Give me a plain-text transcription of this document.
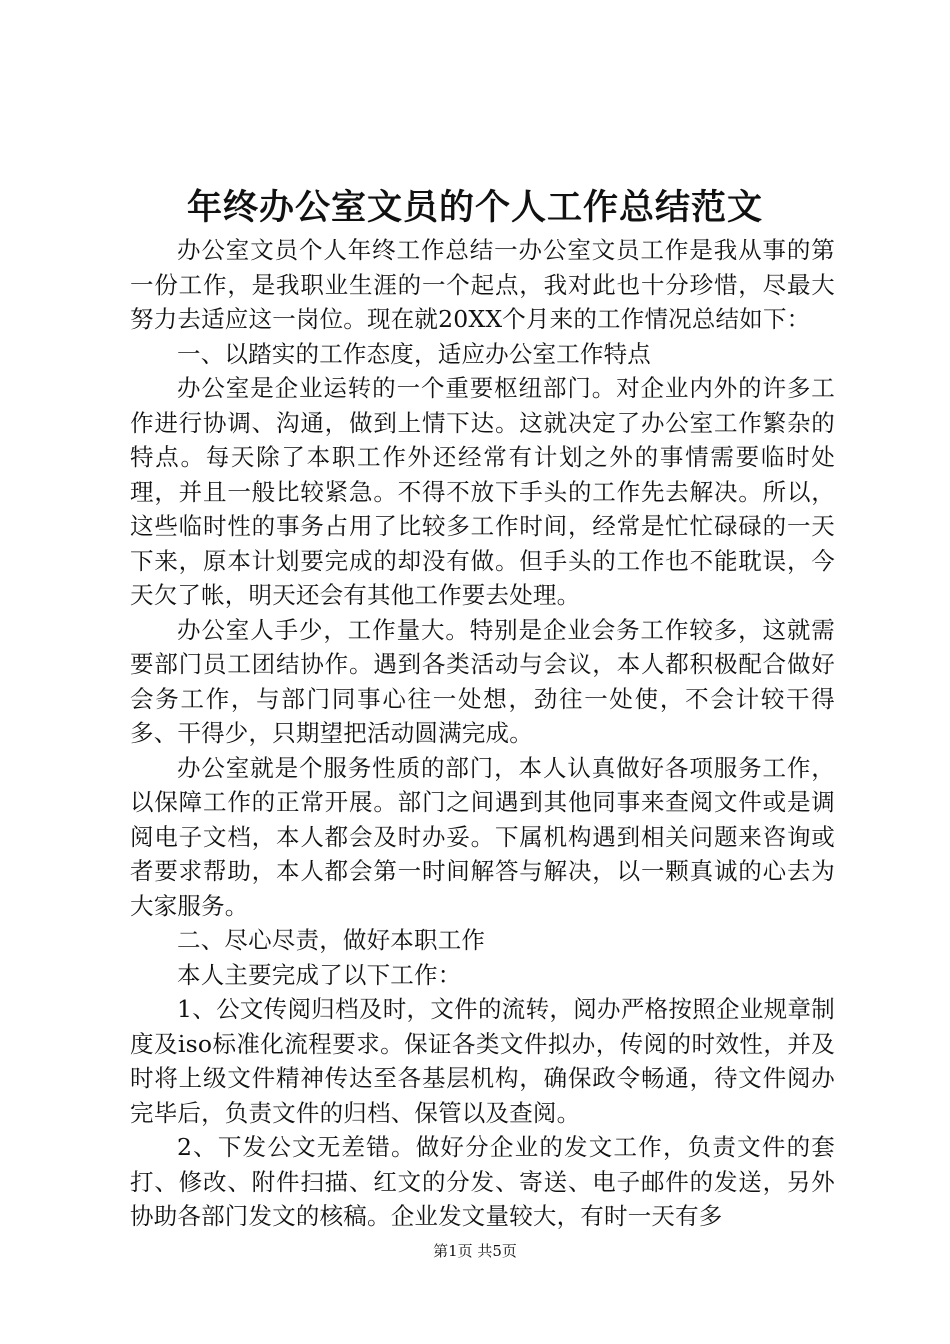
年终办公室文员的个人工作总结范文

办公室文员个人年终工作总结一办公室文员工作是我从事的第一份工作，是我职业生涯的一个起点，我对此也十分珍惜，尽最大努力去适应这一岗位。现在就20XX个月来的工作情况总结如下：

一、以踏实的工作态度，适应办公室工作特点

办公室是企业运转的一个重要枢纽部门。对企业内外的许多工作进行协调、沟通，做到上情下达。这就决定了办公室工作繁杂的特点。每天除了本职工作外还经常有计划之外的事情需要临时处理，并且一般比较紧急。不得不放下手头的工作先去解决。所以，这些临时性的事务占用了比较多工作时间，经常是忙忙碌碌的一天下来，原本计划要完成的却没有做。但手头的工作也不能耽误，今天欠了帐，明天还会有其他工作要去处理。

办公室人手少，工作量大。特别是企业会务工作较多，这就需要部门员工团结协作。遇到各类活动与会议，本人都积极配合做好会务工作，与部门同事心往一处想，劲往一处使，不会计较干得多、干得少，只期望把活动圆满完成。

办公室就是个服务性质的部门，本人认真做好各项服务工作，以保障工作的正常开展。部门之间遇到其他同事来查阅文件或是调阅电子文档，本人都会及时办妥。下属机构遇到相关问题来咨询或者要求帮助，本人都会第一时间解答与解决，以一颗真诚的心去为大家服务。

二、尽心尽责，做好本职工作

本人主要完成了以下工作：

1、公文传阅归档及时，文件的流转，阅办严格按照企业规章制度及iso标准化流程要求。保证各类文件拟办，传阅的时效性，并及时将上级文件精神传达至各基层机构，确保政令畅通，待文件阅办完毕后，负责文件的归档、保管以及查阅。

2、下发公文无差错。做好分企业的发文工作，负责文件的套打、修改、附件扫描、红文的分发、寄送、电子邮件的发送，另外协助各部门发文的核稿。企业发文量较大，有时一天有多

第1页 共5页
